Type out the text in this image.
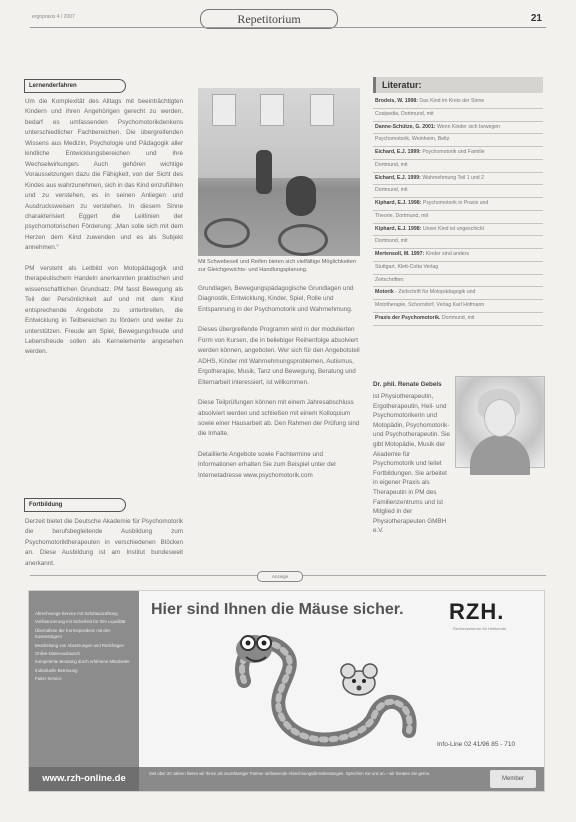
ergopraxis 4 / 2007	Repetitorium	21
Lernenderfahren

Um die Komplexität des Alltags mit beeinträchtigten Kindern und ihren Angehörigen gerecht zu werden, bedarf es umfassenden Psychomotorikdenkens unterschiedlicher Fachbereichen. Die übergreifenden Wissens aus Medizin, Psychologie und Pädagogik aller kindliche Entwicklungsbereichen und ihre Wechselwirkungen. Auch gehören wichtige Voraussetzungen dazu die Fähigkeit, von der Sicht des Kindes aus wahrzunehmen, sich in das Kind einzufühlen und zu verstehen, es in seinen Anliegen und Ausdrucksweisen zu verstehen. In diesem Sinne charakterisiert Eggert die Leitlinien der psychomotorischen Förderung: „Man solle sich mit dem Herzen dem Kind zuwenden und es als Subjekt annehmen.“

PM versteht als Leitbild von Motopädagogik und therapeutischem Handeln anerkannten praktischen und wissenschaftlichen Grundsatz. PM fasst Bewegung als Teil der Persönlichkeit auf und mit dem Kind entsprechende Angebote zu unterbreiten, die Entwicklung in Teilbereichen zu fördern und weiter zu unterstützen. Freude am Spiel, Bewegungsfreude und Lebensfreude sollen als Kernelemente angesehen werden.

Fortbildung

Derzeit bietet die Deutsche Akademie für Psychomotorik die berufsbegleitende Ausbildung zum Psychomotoriktherapeuten in verschiedenen Blöcken an. Diese Ausbildung ist am Institut bundesweit anerkannt.

Mit Schwebeseil und Reifen bieten sich vielfältige Möglichkeiten zur Gleichgewichts- und Handlungsplanung.

Grundlagen, Bewegungspädagogische Grundlagen und Diagnostik, Entwicklung, Kinder, Spiel, Rolle und Entspannung in der Psychomotorik und Wahrnehmung.

Dieses übergreifende Programm wird in der modulierten Form von Kursen, die in beliebiger Reihenfolge absolviert werden können, angeboten. Wer sich für den Angebotsteil ADHS, Kinder mit Wahrnehmungsproblemen, Autismus, Ergotherapie, Musik, Tanz und Bewegung, Beratung und Elternarbeit interessiert, ist willkommen.

Diese Teilprüfungen können mit einem Jahresabschluss absolviert werden und schließen mit einem Kolloquium sowie einer Hausarbeit ab. Den Rahmen der Prüfung sind die Inhalte.

Detaillierte Angebote sowie Fachtermine und Informationen erhalten Sie zum Beispiel unter der Internetadresse www.psychomotorik.com

Literatur:
Brodeis, W. 1998: Das Kind im Kreis der Sinne
Cosipedia, Dortmund, mit
Danne-Schütze, G. 2001: Wenn Kinder sich bewegen
Psychomotorik, Weinheim, Beltz
Eichard, E.J. 1999: Psychomotorik und Familie
Dortmund, mit
Eichard, E.J. 1999: Wahrnehmung Teil 1 und 2
Dortmund, mit
Kiphard, E.J. 1998: Psychomotorik in Praxis und
Theorie, Dortmund, mit
Kiphard, E.J. 1998: Unser Kind ist ungeschickt
Dortmund, mit
Mertensoll, M. 1997: Kinder sind anders
Stuttgart, Klett-Cotta Verlag
Zeitschriften:
Motorik - Zeitschrift für Motopädagogik und
Mototherapie, Schorndorf, Verlag Karl Hofmann
Praxis der Psychomotorik. Dortmund, mit
Dr. phil. Renate Gebels
ist Physiotherapeutin, Ergotherapeutin, Heil- und Psychomotorikerin und Motopädin, Psychomotorik- und Psychotherapeutin. Sie gibt Motopädie, Musik der Akademie für Psychomotorik und leitet Fortbildungen. Sie arbeitet in eigener Praxis als Therapeutin in PM des Familienzentrums und ist Mitglied in der Physiotherapeuten GMBH e.V.
Anzeige
Abrechnungs-Service mit Sofortauszahlung
Vorfinanzierung mit Sicherheit für Ihre Liquidität
Übernahme der Korrespondenz mit den Kostenträgern
Bearbeitung von Absetzungen und Rückfragen
Online-Datenaustausch
Kompetente Beratung durch erfahrene Mitarbeiter
Individuelle Betreuung
Fairer Service
www.rzh-online.de
Hier sind Ihnen die Mäuse sicher. RZH.
Rechenzentrum für Heilberufe
Info-Line 02 41/96 85 - 710
Seit über 20 Jahren bieten wir Ihnen als zuverlässiger Partner umfassende Abrechnungsdienstleistungen. Sprechen Sie uns an – wir beraten Sie gerne.
Member
